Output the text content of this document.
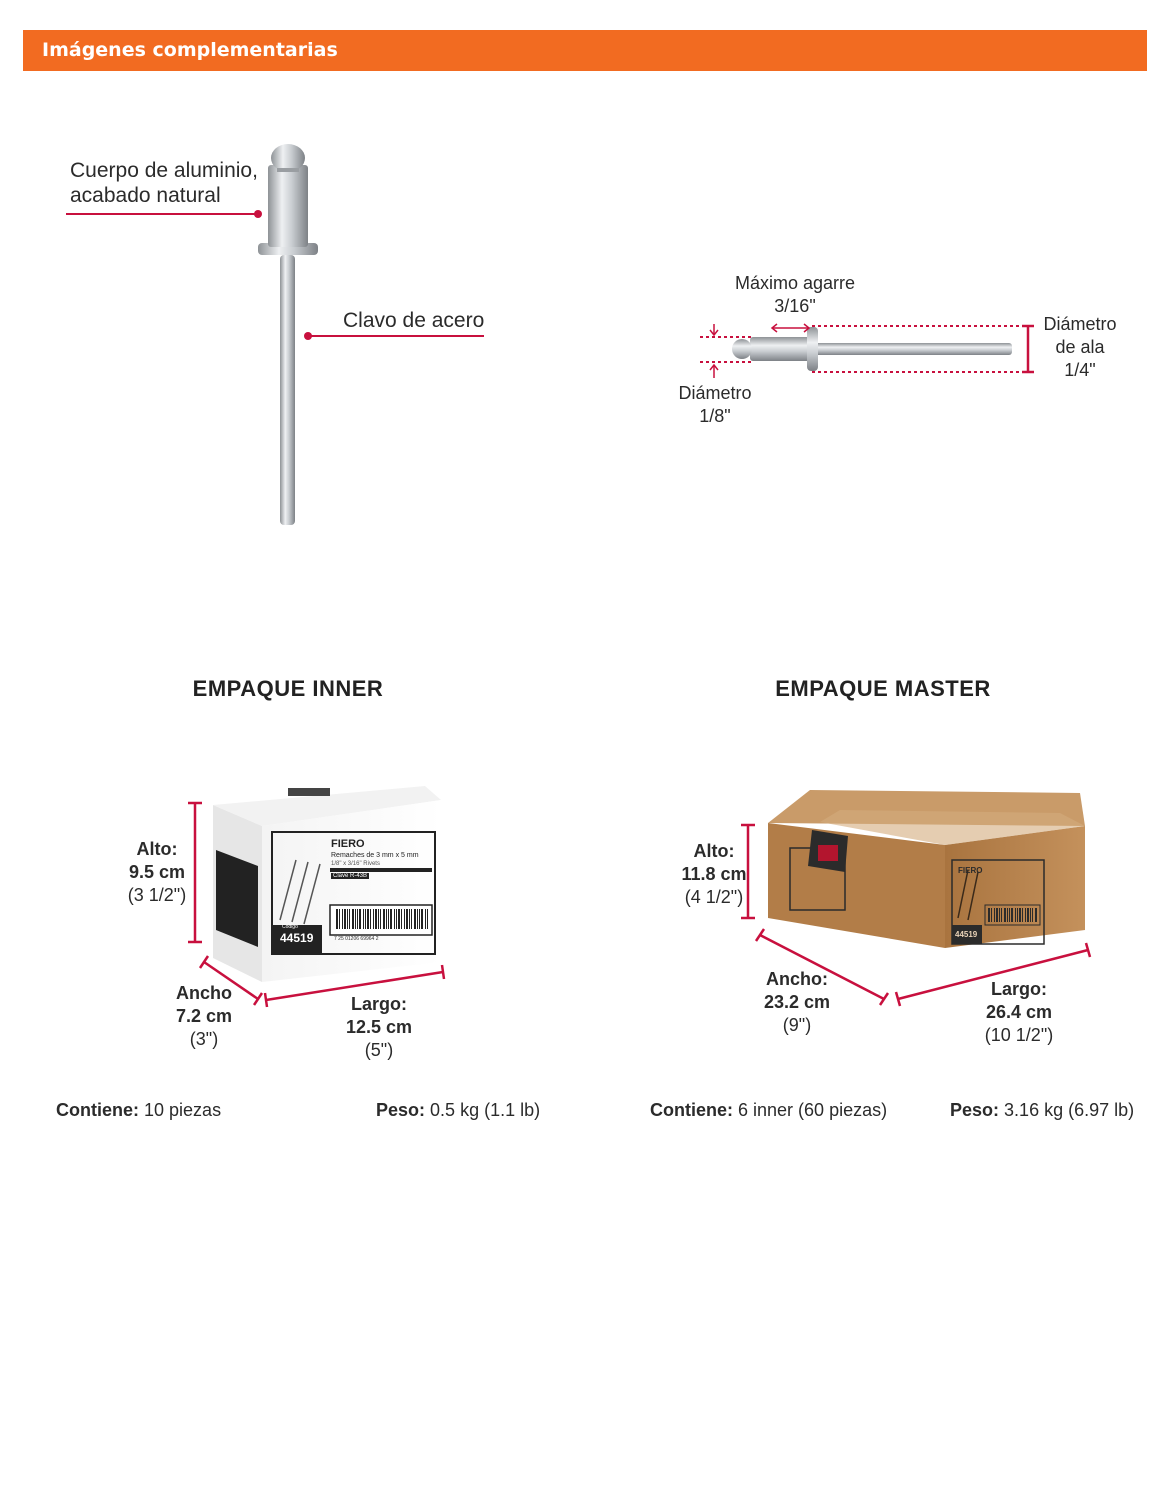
Imágenes complementarias
Cuerpo de aluminio,
acabado natural
Clavo de acero
Máximo agarre
3/16"
Diámetro
1/8"
Diámetro
de ala
1/4"
EMPAQUE INNER	EMPAQUE MASTER
FIERO
Remaches de 3 mm x 5 mm
1/8" x 3/16" Rivets
Clave R-43B
Código
44519	7 25 01206 69964 2
FIERO
44519
Alto:
9.5 cm
(3 1/2")
Ancho
7.2 cm
(3")
Largo:
12.5 cm
(5")
Alto:
11.8 cm
(4 1/2")
Ancho:
23.2 cm
(9")
Largo:
26.4 cm
(10 1/2")
Contiene: 10 piezas	Peso: 0.5 kg (1.1 lb)	Contiene: 6 inner (60 piezas)	Peso: 3.16 kg (6.97 lb)
